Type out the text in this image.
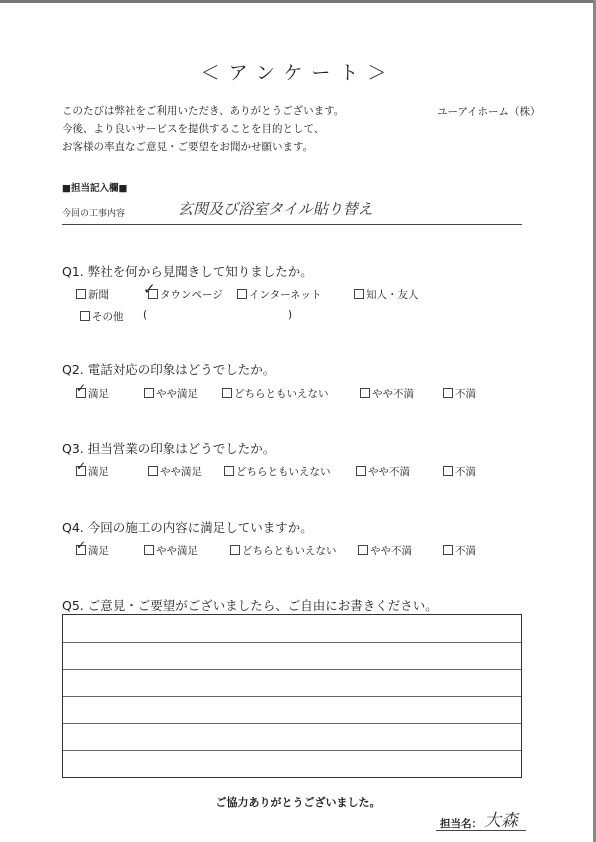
＜アンケート＞
このたびは弊社をご利用いただき、ありがとうございます。
今後、より良いサービスを提供することを目的として、
お客様の率直なご意見・ご要望をお聞かせ願います。
ユーアイホーム（株）
■担当記入欄■
今回の工事内容	玄関及び浴室タイル貼り替え
Q1. 弊社を何から見聞きして知りましたか。
新聞	タウンページ
✓	インターネット	知人・友人
その他 (	)
Q2. 電話対応の印象はどうでしたか。
満足
✓	やや満足	どちらともいえない	やや不満	不満
Q3. 担当営業の印象はどうでしたか。
満足
✓	やや満足	どちらともいえない	やや不満	不満
Q4. 今回の施工の内容に満足していますか。
満足
✓	やや満足	どちらともいえない	やや不満	不満
Q5. ご意見・ご要望がございましたら、ご自由にお書きください。
ご協力ありがとうございました。
担当名： 大森
